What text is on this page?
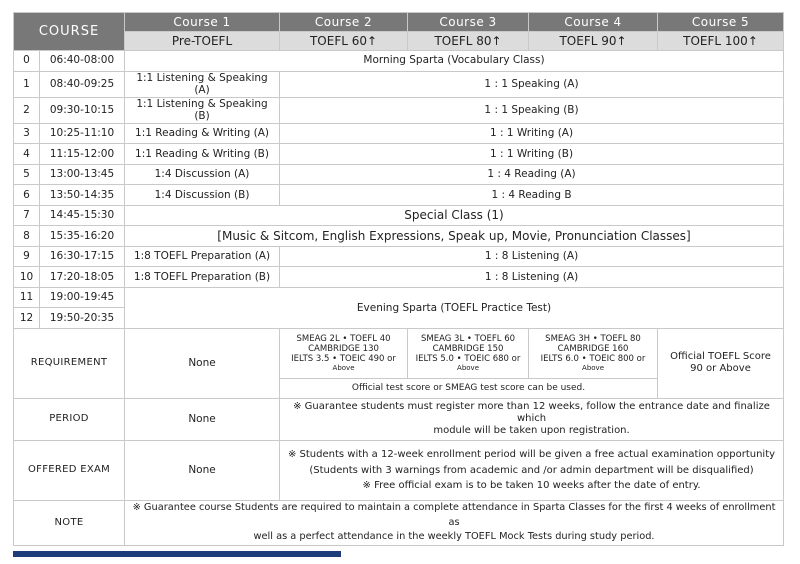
COURSE		Course 1	Course 2	Course 3	Course 4	Course 5
		Pre-TOEFL	TOEFL 60↑	TOEFL 80↑	TOEFL 90↑	TOEFL 100↑
0	06:40-08:00	Morning Sparta (Vocabulary Class)				
1	08:40-09:25	1:1 Listening & Speaking (A)	1 : 1 Speaking (A)			
2	09:30-10:15	1:1 Listening & Speaking (B)	1 : 1 Speaking (B)			
3	10:25-11:10	1:1 Reading & Writing (A)	1 : 1 Writing (A)			
4	11:15-12:00	1:1 Reading & Writing (B)	1 : 1 Writing (B)			
5	13:00-13:45	1:4 Discussion (A)	1 : 4 Reading (A)			
6	13:50-14:35	1:4 Discussion (B)	1 : 4 Reading B			
7	14:45-15:30	Special Class (1)				
8	15:35-16:20	[Music & Sitcom, English Expressions, Speak up, Movie, Pronunciation Classes]				
9	16:30-17:15	1:8 TOEFL Preparation (A)	1 : 8 Listening (A)			
10	17:20-18:05	1:8 TOEFL Preparation (B)	1 : 8 Listening (A)			
11	19:00-19:45	Evening Sparta (TOEFL Practice Test)				
12	19:50-20:35					
REQUIREMENT		None	SMEAG 2L • TOEFL 40
CAMBRIDGE 130
IELTS 3.5 • TOEIC 490 or
Above	SMEAG 3L • TOEFL 60
CAMBRIDGE 150
IELTS 5.0 • TOEIC 680 or
Above	SMEAG 3H • TOEFL 80
CAMBRIDGE 160
IELTS 6.0 • TOEIC 800 or
Above	Official TOEFL Score
90 or Above

			Official test score or SMEAG test score can be used.			
PERIOD		None	※ Guarantee students must register more than 12 weeks, follow the entrance date and finalize which
module will be taken upon registration.			

OFFERED EXAM		None	※ Students with a 12-week enrollment period will be given a free actual examination opportunity
(Students with 3 warnings from academic and /or admin department will be disqualified)
※ Free official exam is to be taken 10 weeks after the date of entry.			

NOTE		※ Guarantee course Students are required to maintain a complete attendance in Sparta Classes for the first 4 weeks of enrollment as
well as a perfect attendance in the weekly TOEFL Mock Tests during study period.				
